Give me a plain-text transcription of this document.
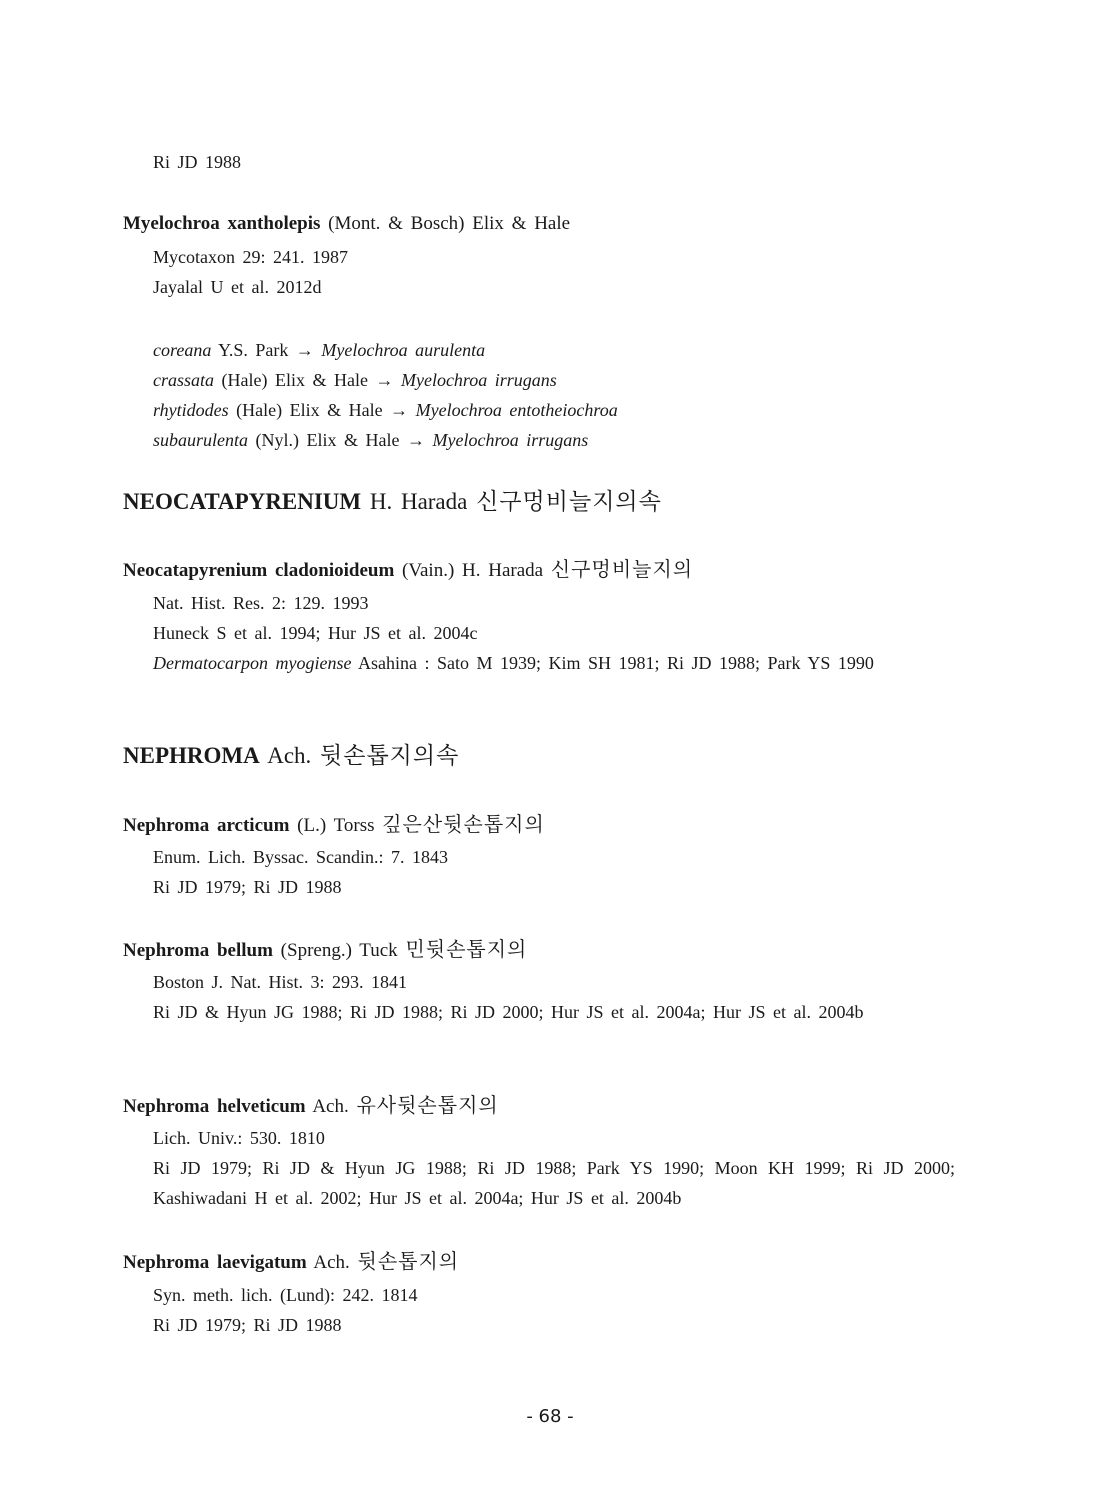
Ri JD 1988
Myelochroa xantholepis (Mont. & Bosch) Elix & Hale
Mycotaxon 29: 241. 1987
Jayalal U et al. 2012d
coreana Y.S. Park → Myelochroa aurulenta
crassata (Hale) Elix & Hale → Myelochroa irrugans
rhytidodes (Hale) Elix & Hale → Myelochroa entotheiochroa
subaurulenta (Nyl.) Elix & Hale → Myelochroa irrugans
NEOCATAPYRENIUM H. Harada 신구멍비늘지의속
Neocatapyrenium cladonioideum (Vain.) H. Harada 신구멍비늘지의
Nat. Hist. Res. 2: 129. 1993
Huneck S et al. 1994; Hur JS et al. 2004c
Dermatocarpon myogiense Asahina : Sato M 1939; Kim SH 1981; Ri JD 1988; Park YS 1990
NEPHROMA Ach. 뒷손톱지의속
Nephroma arcticum (L.) Torss 깊은산뒷손톱지의
Enum. Lich. Byssac. Scandin.: 7. 1843
Ri JD 1979; Ri JD 1988
Nephroma bellum (Spreng.) Tuck 민뒷손톱지의
Boston J. Nat. Hist. 3: 293. 1841
Ri JD & Hyun JG 1988; Ri JD 1988; Ri JD 2000; Hur JS et al. 2004a; Hur JS et al. 2004b
Nephroma helveticum Ach. 유사뒷손톱지의
Lich. Univ.: 530. 1810
Ri JD 1979; Ri JD & Hyun JG 1988; Ri JD 1988; Park YS 1990; Moon KH 1999; Ri JD 2000; Kashiwadani H et al. 2002; Hur JS et al. 2004a; Hur JS et al. 2004b
Nephroma laevigatum Ach. 뒷손톱지의
Syn. meth. lich. (Lund): 242. 1814
Ri JD 1979; Ri JD 1988
- 68 -
